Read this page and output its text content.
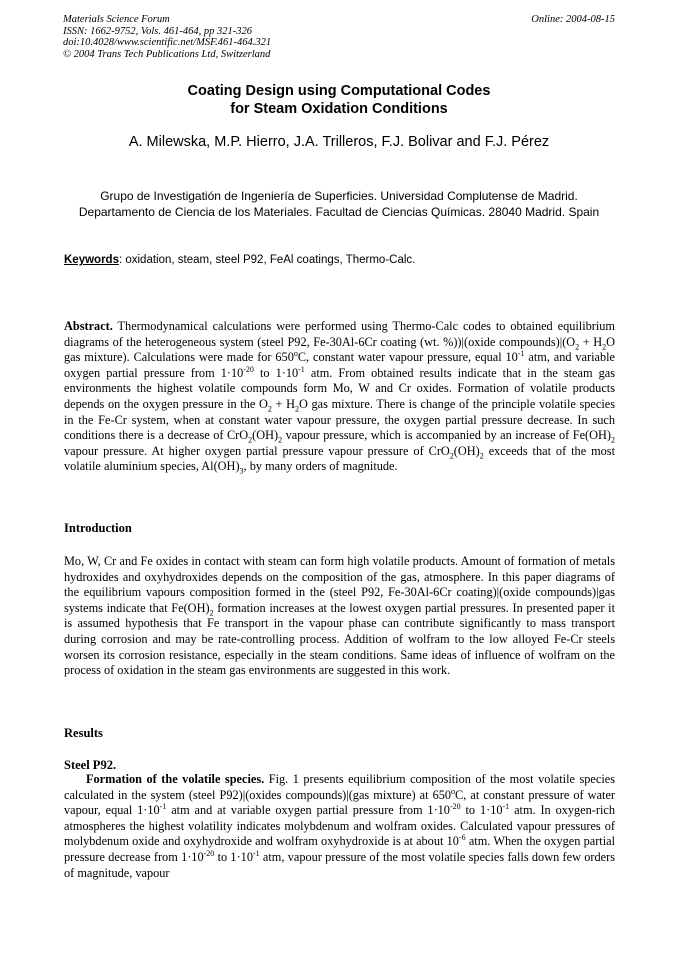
Materials Science Forum
ISSN: 1662-9752, Vols. 461-464, pp 321-326
doi:10.4028/www.scientific.net/MSF.461-464.321
© 2004 Trans Tech Publications Ltd, Switzerland
Online: 2004-08-15
Coating Design using Computational Codes
for Steam Oxidation Conditions
A. Milewska, M.P. Hierro, J.A. Trilleros, F.J. Bolivar and F.J. Pérez
Grupo de Investigatión de Ingeniería de Superficies. Universidad Complutense de Madrid.
Departamento de Ciencia de los Materiales. Facultad de Ciencias Químicas. 28040 Madrid. Spain
Keywords: oxidation, steam, steel P92, FeAl coatings, Thermo-Calc.

Abstract. Thermodynamical calculations were performed using Thermo-Calc codes to obtained equilibrium diagrams of the heterogeneous system (steel P92, Fe-30Al-6Cr coating (wt. %))|(oxide $compounds)|(O_2 + H_2O$ gas mixture). Calculations were made for 650$^o$C, constant water vapour pressure, equal $10^{-1}$ atm, and variable oxygen partial pressure from $1\cdot 10^{-20}$ to $1\cdot 10^{-1}$ atm. From obtained results indicate that in the steam gas environments the highest volatile compounds form Mo, W and Cr oxides. Formation of volatile products depends on the oxygen pressure in the $O_2 + H_2O$ gas mixture. There is change of the principle volatile species in the Fe-Cr system, when at constant water vapour pressure, the oxygen partial pressure decrease. In such conditions there is a decrease of $CrO_2(OH)_2$ vapour pressure, which is accompanied by an increase of $Fe(OH)_2$ vapour pressure. At higher oxygen partial pressure vapour pressure of $CrO_2(OH)_2$ exceeds that of the most volatile aluminium species, $Al(OH)_3$, by many orders of magnitude.

Introduction

Mo, W, Cr and Fe oxides in contact with steam can form high volatile products. Amount of formation of metals hydroxides and oxyhydroxides depends on the composition of the gas, atmosphere. In this paper diagrams of the equilibrium vapours composition formed in the (steel P92, Fe-30Al-6Cr coating)|(oxide compounds)|gas systems indicate that $Fe(OH)_2$ formation increases at the lowest oxygen partial pressures. In presented paper it is assumed hypothesis that Fe transport in the vapour phase can contribute significantly to mass transport during corrosion and may be rate-controlling process. Addition of wolfram to the low alloyed Fe-Cr steels worsen its corrosion resistance, especially in the steam conditions. Same ideas of influence of wolfram on the process of oxidation in the steam gas environments are suggested in this work.

Results
Steel P92.

Formation of the volatile species. Fig. 1 presents equilibrium composition of the most volatile species calculated in the system (steel P92)|(oxides compounds)|(gas mixture) at 650$^o$C, at constant pressure of water vapour, equal $1\cdot 10^{-1}$ atm and at variable oxygen partial pressure from $1\cdot 10^{-20}$ to $1\cdot 10^{-1}$ atm. In oxygen-rich atmospheres the highest volatility indicates molybdenum and wolfram oxides. Calculated vapour pressures of molybdenum oxide and oxyhydroxide and wolfram oxyhydroxide is at about $10^{-6}$ atm. When the oxygen partial pressure decrease from $1\cdot 10^{-20}$ to $1\cdot 10^{-1}$ atm, vapour pressure of the most volatile species falls down few orders of magnitude, vapour
